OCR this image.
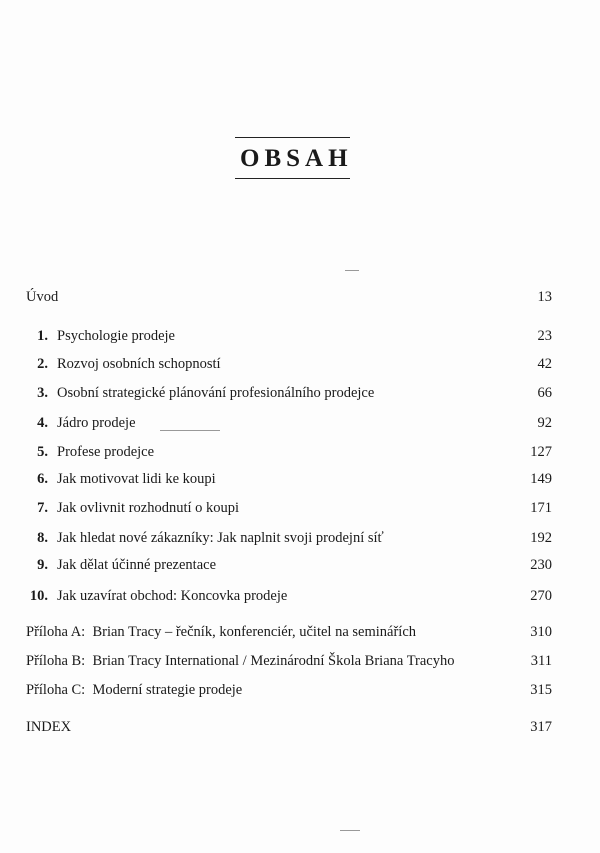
OBSAH
Úvod	13
1. Psychologie prodeje	23
2. Rozvoj osobních schopností	42
3. Osobní strategické plánování profesionálního prodejce	66
4. Jádro prodeje	92
5. Profese prodejce	127
6. Jak motivovat lidi ke koupi	149
7. Jak ovlivnit rozhodnutí o koupi	171
8. Jak hledat nové zákazníky: Jak naplnit svoji prodejní síť	192
9. Jak dělat účinné prezentace	230
10. Jak uzavírat obchod: Koncovka prodeje	270
Příloha A:  Brian Tracy – řečník, konferenciér, učitel na seminářích	310
Příloha B:  Brian Tracy International / Mezinárodní Škola Briana Tracyho	311
Příloha C:  Moderní strategie prodeje	315
INDEX	317
